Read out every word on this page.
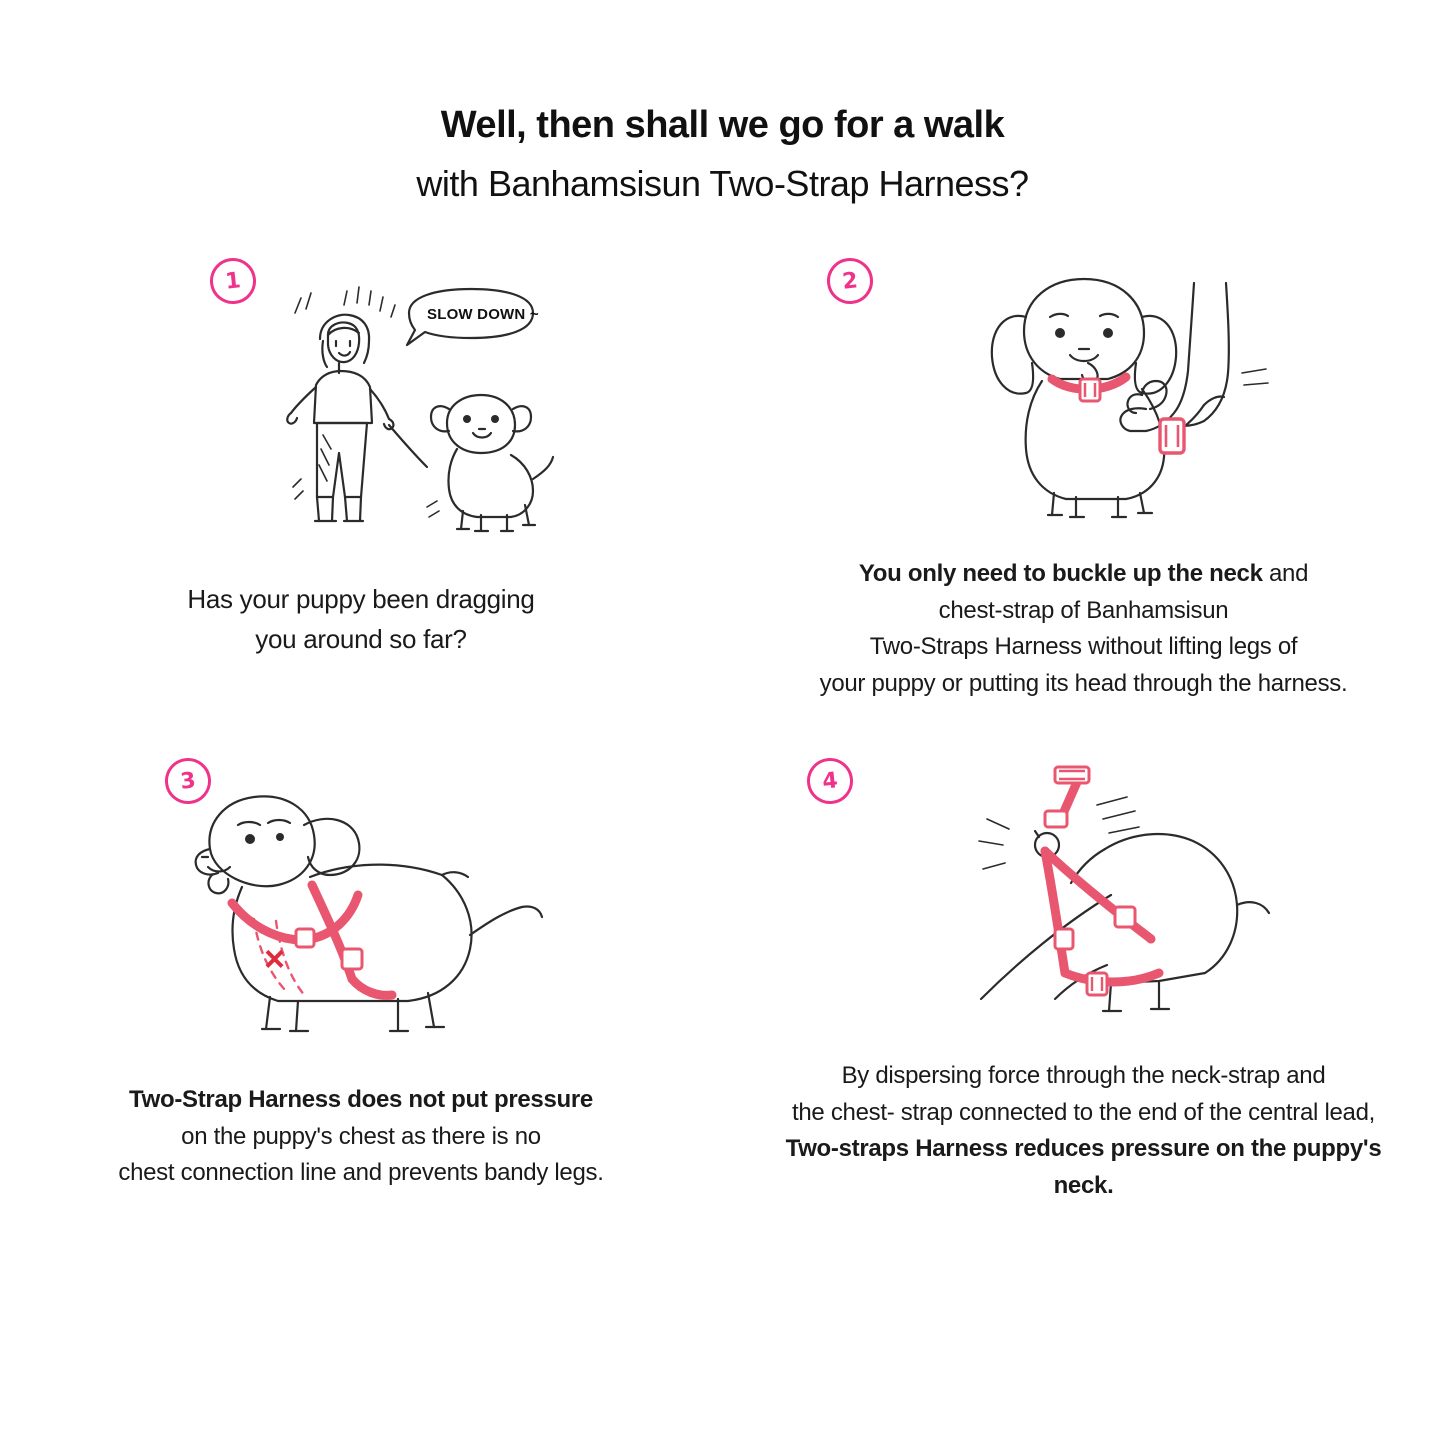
Well, then shall we go for a walk
with Banhamsisun Two-Strap Harness?
1
SLOW DOWN ~
Has your puppy been dragging
you around so far?
2
You only need to buckle up the neck and
chest-strap of Banhamsisun
Two-Straps Harness without lifting legs of
your puppy or putting its head through the harness.
3
×
Two-Strap Harness does not put pressure
on the puppy's chest as there is no
chest connection line and prevents bandy legs.
4
By dispersing force through the neck-strap and
the chest- strap connected to the end of the central lead,
Two-straps Harness reduces pressure on the puppy's neck.
